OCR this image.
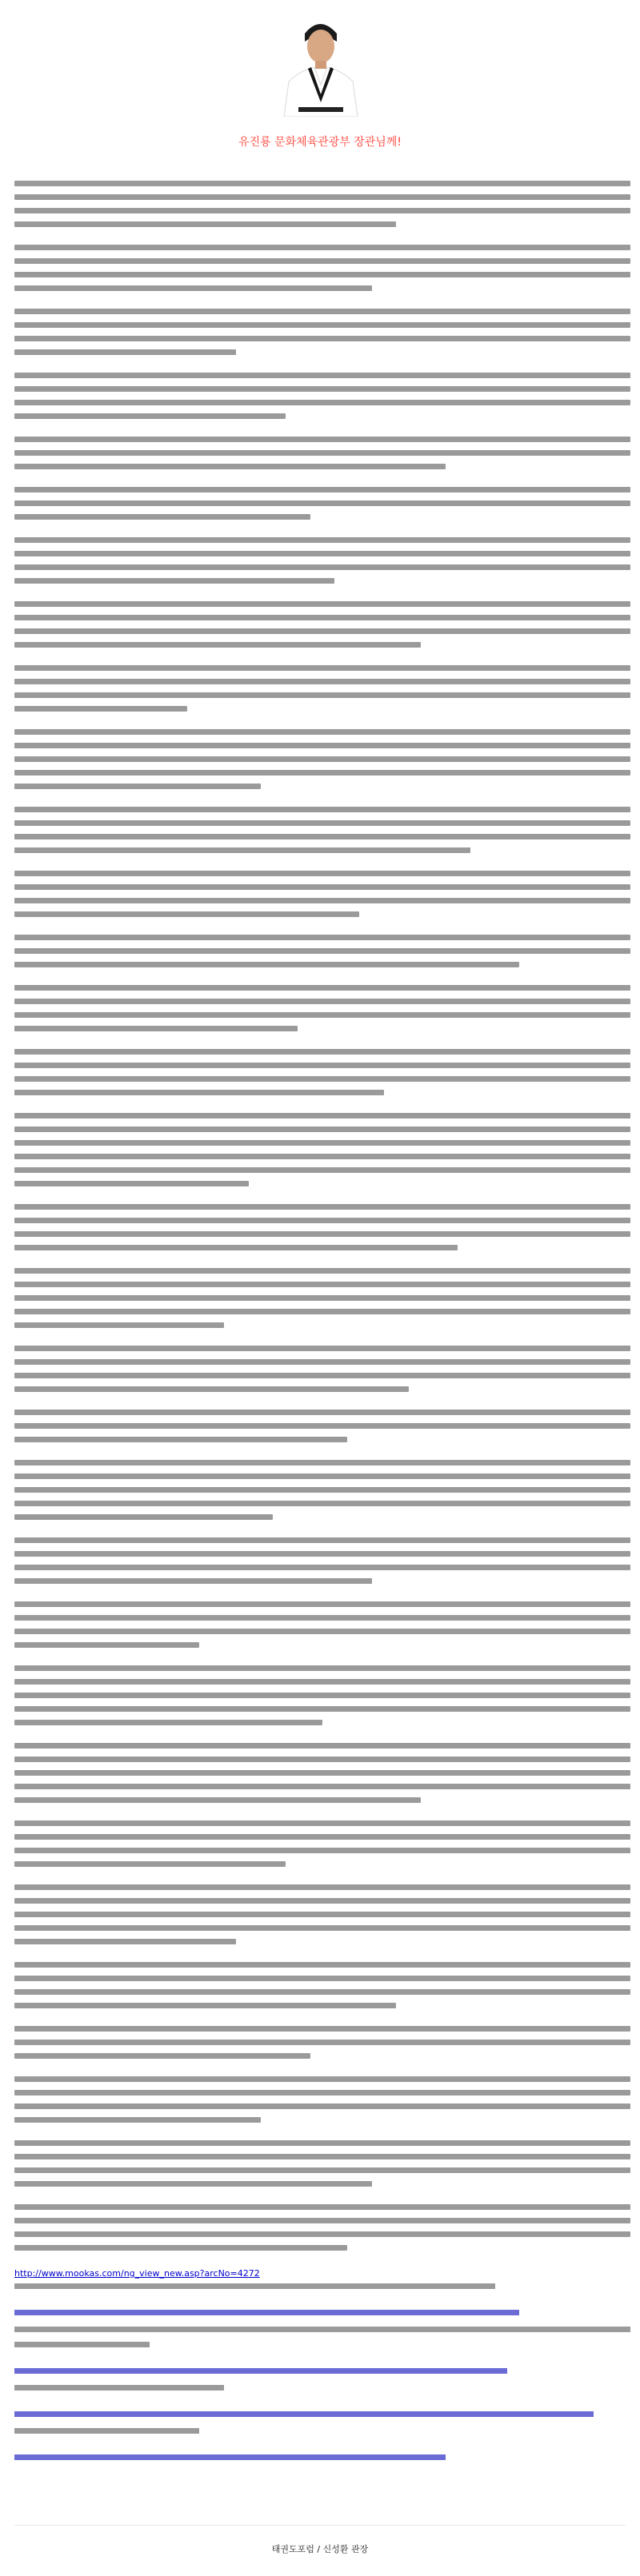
유진룡 문화체육관광부 장관님께!
http://www.mookas.com/ng_view_new.asp?arcNo=4272
태권도포럼 / 신성환 관장
